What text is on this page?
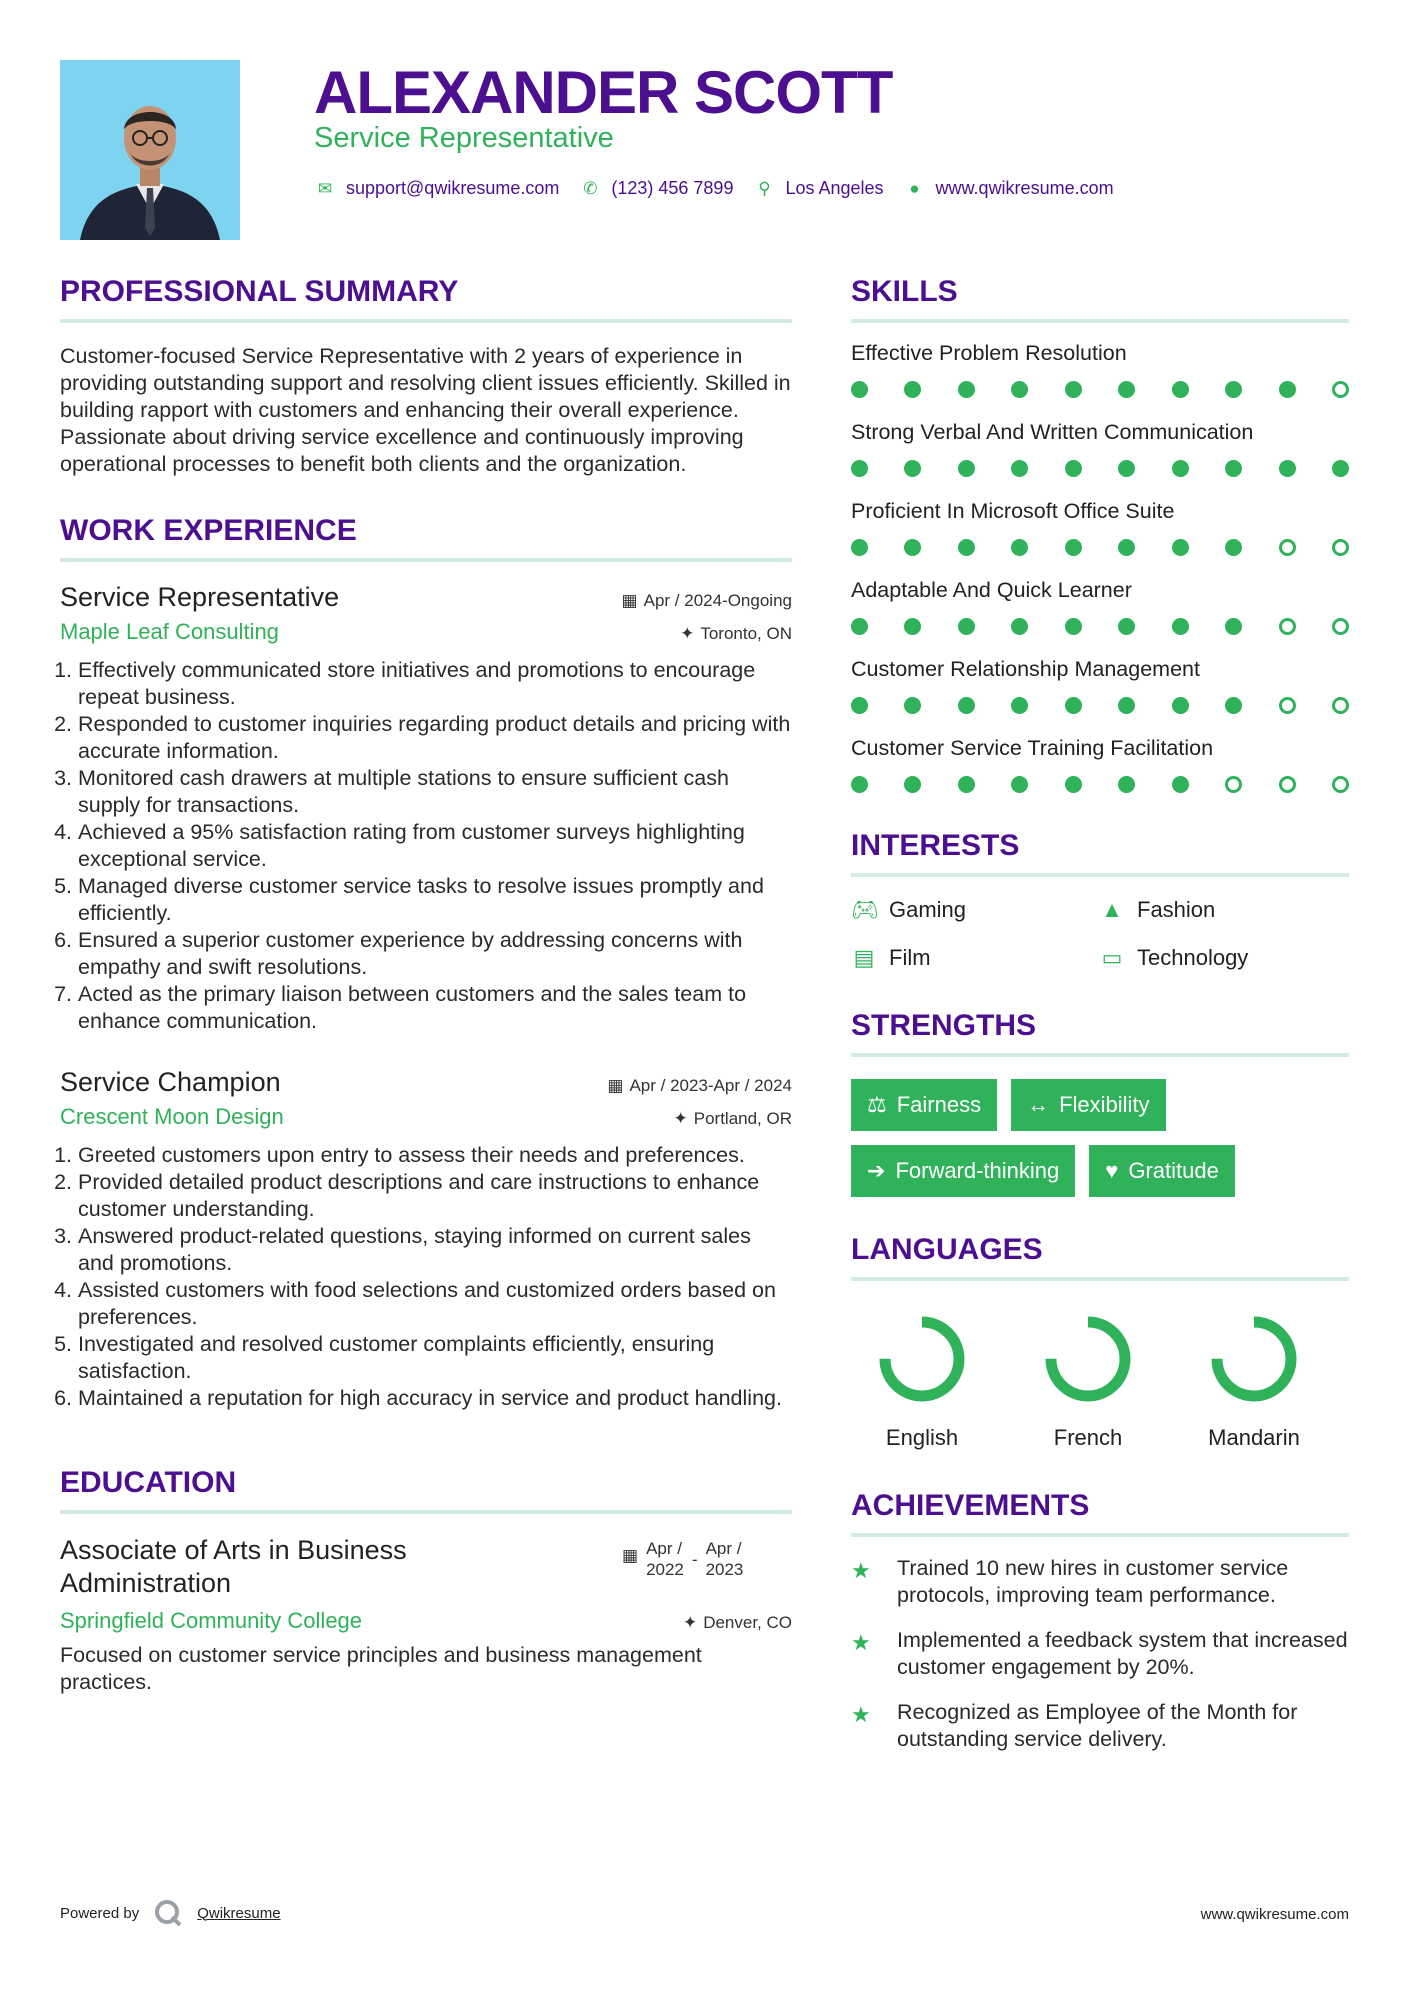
ALEXANDER SCOTT
Service Representative
✉ support@qwikresume.com ✆ (123) 456 7899 ⚲ Los Angeles	● www.qwikresume.com
PROFESSIONAL SUMMARY
Customer-focused Service Representative with 2 years of experience in providing outstanding support and resolving client issues efficiently. Skilled in building rapport with customers and enhancing their overall experience. Passionate about driving service excellence and continuously improving operational processes to benefit both clients and the organization.
WORK EXPERIENCE
Service Representative	▦ Apr / 2024-Ongoing
Maple Leaf Consulting	✦ Toronto, ON
1. Effectively communicated store initiatives and promotions to encourage repeat business.
2. Responded to customer inquiries regarding product details and pricing with accurate information.
3. Monitored cash drawers at multiple stations to ensure sufficient cash supply for transactions.
4. Achieved a 95% satisfaction rating from customer surveys highlighting exceptional service.
5. Managed diverse customer service tasks to resolve issues promptly and efficiently.
6. Ensured a superior customer experience by addressing concerns with empathy and swift resolutions.
7. Acted as the primary liaison between customers and the sales team to enhance communication.
Service Champion	▦ Apr / 2023-Apr / 2024
Crescent Moon Design	✦ Portland, OR
1. Greeted customers upon entry to assess their needs and preferences.
2. Provided detailed product descriptions and care instructions to enhance customer understanding.
3. Answered product-related questions, staying informed on current sales and promotions.
4. Assisted customers with food selections and customized orders based on preferences.
5. Investigated and resolved customer complaints efficiently, ensuring satisfaction.
6. Maintained a reputation for high accuracy in service and product handling.
EDUCATION
Associate of Arts in Business
Administration
▦ Apr /
2022
-
Apr /
2023
Springfield Community College	✦ Denver, CO
Focused on customer service principles and business management practices.
SKILLS
Effective Problem Resolution
Strong Verbal And Written Communication
Proficient In Microsoft Office Suite
Adaptable And Quick Learner
Customer Relationship Management
Customer Service Training Facilitation
INTERESTS
🎮︎ Gaming	▲ Fashion
▤ Film	▭ Technology
STRENGTHS
⚖ Fairness ↔ Flexibility
➔ Forward-thinking ♥ Gratitude
LANGUAGES
English	French	Mandarin
ACHIEVEMENTS
★	Trained 10 new hires in customer service protocols, improving team performance.
★	Implemented a feedback system that increased customer engagement by 20%.
★	Recognized as Employee of the Month for outstanding service delivery.
Powered by	Qwikresume	www.qwikresume.com
